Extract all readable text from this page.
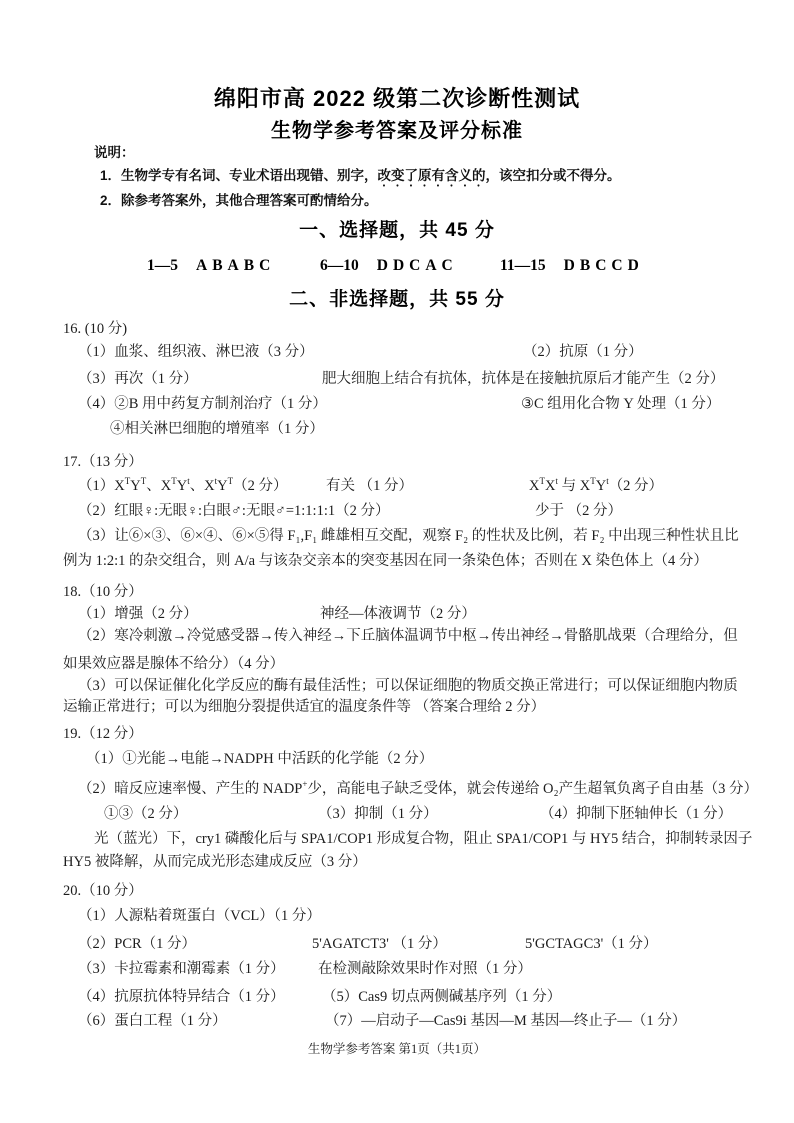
绵阳市高 2022 级第二次诊断性测试
生物学参考答案及评分标准
说明：
1．生物学专有名词、专业术语出现错、别字，改变了原有含义的，该空扣分或不得分。
2．除参考答案外，其他合理答案可酌情给分。
一、选择题，共 45 分
1—5 ABABC	6—10 DDCAC	11—15 DBCCD
二、非选择题，共 55 分
16. (10 分)
（1）血浆、组织液、淋巴液（3 分）	（2）抗原（1 分）
（3）再次（1 分）	肥大细胞上结合有抗体，抗体是在接触抗原后才能产生（2 分）
（4）②B 用中药复方制剂治疗（1 分）	③C 组用化合物 Y 处理（1 分）
④相关淋巴细胞的增殖率（1 分）
17.（13 分）
$(1)X^TY^T$、$X^TY^t$、$X^tY^T(2$ 分）	有关 （1 分）	$X^TX^t$ 与 $X^TY^t(2$ 分）
（2）红眼♀:无眼♀:白眼♂:无眼♂=1:1:1:1（2 分）	少于 （2 分）
（3）让⑥×③、⑥×④、⑥×⑤得 F₁,F₁ 雌雄相互交配，观察 F₂ 的性状及比例，若 F₂ 中出现三种性状且比
例为 1:2:1 的杂交组合，则 A/a 与该杂交亲本的突变基因在同一条染色体；否则在 X 染色体上（4 分）
18.（10 分）
（1）增强（2 分）	神经—体液调节（2 分）
（2）寒冷刺激→冷觉感受器→传入神经→下丘脑体温调节中枢→传出神经→骨骼肌战栗（合理给分，但
如果效应器是腺体不给分）（4 分）
（3）可以保证催化化学反应的酶有最佳活性；可以保证细胞的物质交换正常进行；可以保证细胞内物质
运输正常进行；可以为细胞分裂提供适宜的温度条件等 （答案合理给 2 分）
19.（12 分）
（1）①光能→电能→NADPH 中活跃的化学能（2 分）
（2）暗反应速率慢、产生的 NADP+少，高能电子缺乏受体，就会传递给 O₂产生超氧负离子自由基（3 分）
①③（2 分）	（3）抑制（1 分）	（4）抑制下胚轴伸长（1 分）
光（蓝光）下，cry1 磷酸化后与 SPA1/COP1 形成复合物，阻止 SPA1/COP1 与 HY5 结合，抑制转录因子
HY5 被降解，从而完成光形态建成反应（3 分）
20.（10 分）
（1）人源粘着斑蛋白（VCL）（1 分）
（2）PCR（1 分）	5'AGATCT3' （1 分）	5'GCTAGC3'（1 分）
（3）卡拉霉素和潮霉素（1 分） 在检测敲除效果时作对照（1 分）
（4）抗原抗体特异结合（1 分）	（5）Cas9 切点两侧碱基序列（1 分）
（6）蛋白工程（1 分）	（7）—启动子—Cas9i 基因—M 基因—终止子—（1 分）
生物学参考答案 第1页（共1页）
